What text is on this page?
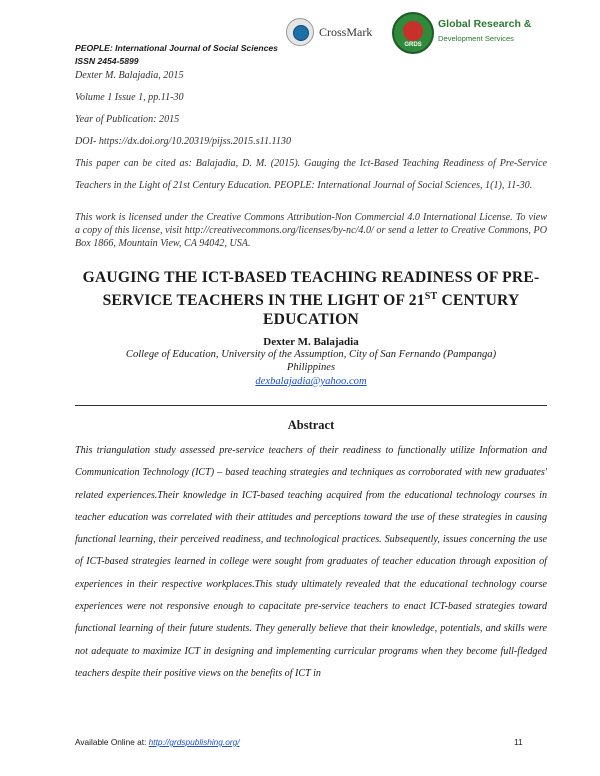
PEOPLE: International Journal of Social Sciences
ISSN 2454-5899
CrossMark
GRDS
Global Research &
Development Services
Dexter M. Balajadia, 2015
Volume 1 Issue 1, pp.11-30
Year of Publication: 2015
DOI- https://dx.doi.org/10.20319/pijss.2015.s11.1130
This paper can be cited as: Balajadia, D. M. (2015). Gauging the Ict-Based Teaching Readiness of Pre-Service Teachers in the Light of 21st Century Education. PEOPLE: International Journal of Social Sciences, 1(1), 11-30.
This work is licensed under the Creative Commons Attribution-Non Commercial 4.0 International License. To view a copy of this license, visit http://creativecommons.org/licenses/by-nc/4.0/ or send a letter to Creative Commons, PO Box 1866, Mountain View, CA 94042, USA.
GAUGING THE ICT-BASED TEACHING READINESS OF PRE-SERVICE TEACHERS IN THE LIGHT OF 21ST CENTURY EDUCATION
Dexter M. Balajadia
College of Education, University of the Assumption, City of San Fernando (Pampanga)
Philippines
dexbalajadia@yahoo.com
Abstract
This triangulation study assessed pre-service teachers of their readiness to functionally utilize Information and Communication Technology (ICT) – based teaching strategies and techniques as corroborated with new graduates' related experiences.Their knowledge in ICT-based teaching acquired from the educational technology courses in teacher education was correlated with their attitudes and perceptions toward the use of these strategies in causing functional learning, their perceived readiness, and technological practices. Subsequently, issues concerning the use of ICT-based strategies learned in college were sought from graduates of teacher education through exposition of experiences in their respective workplaces.This study ultimately revealed that the educational technology course experiences were not responsive enough to capacitate pre-service teachers to enact ICT-based strategies toward functional learning of their future students. They generally believe that their knowledge, potentials, and skills were not adequate to maximize ICT in designing and implementing curricular programs when they become full-fledged teachers despite their positive views on the benefits of ICT in
Available Online at: http://grdspublishing.org/	11
